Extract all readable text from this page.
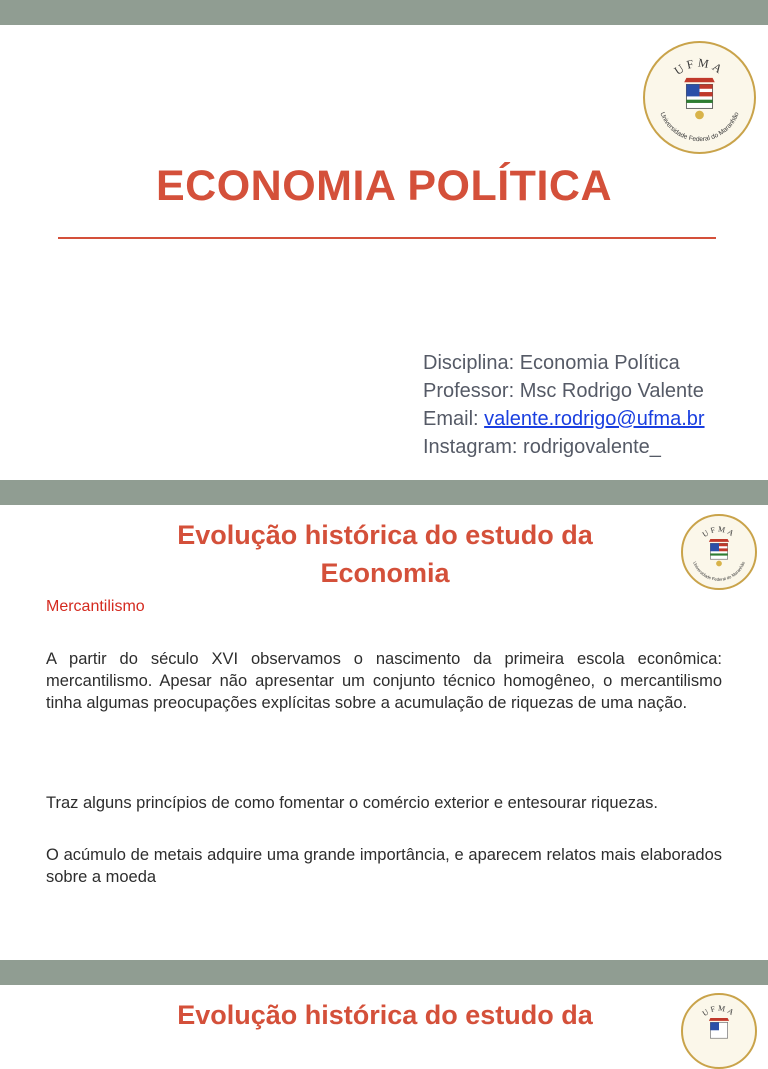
UFMA
Universidade Federal do Maranhão
ECONOMIA POLÍTICA
Disciplina: Economia Política
Professor: Msc Rodrigo Valente
Email: valente.rodrigo@ufma.br
Instagram: rodrigovalente_
UFMA
Universidade Federal do Maranhão
Evolução histórica do estudo da
Economia
Mercantilismo
A partir do século XVI observamos o nascimento da primeira escola econômica: mercantilismo. Apesar não apresentar um conjunto técnico homogêneo, o mercantilismo tinha algumas preocupações explícitas sobre a acumulação de riquezas de uma nação.
Traz alguns princípios de como fomentar o comércio exterior e entesourar riquezas.
O acúmulo de metais adquire uma grande importância, e aparecem relatos mais elaborados sobre a moeda
UFMA
Evolução histórica do estudo da
